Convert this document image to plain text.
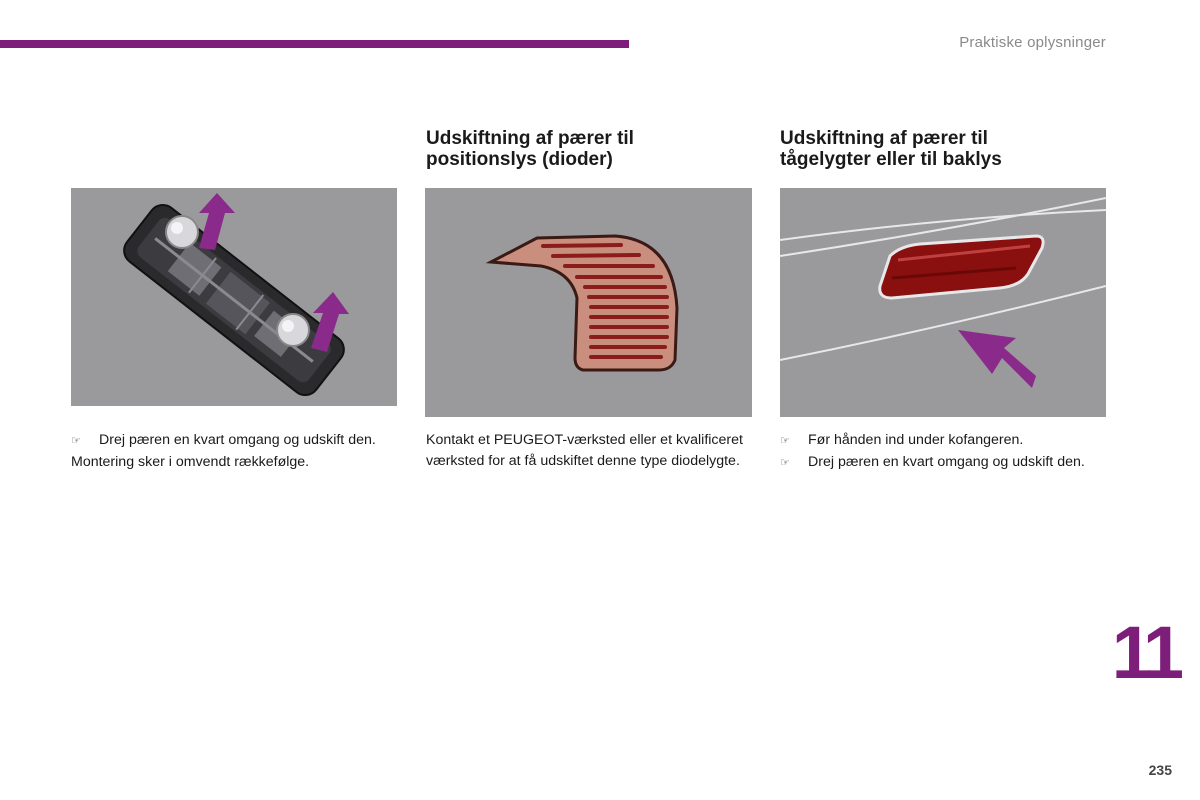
Praktiske oplysninger
Udskiftning af pærer til
positionslys (dioder)
Udskiftning af pærer til
tågelygter eller til baklys
☞	Drej pæren en kvart omgang og udskift den.

Montering sker i omvendt rækkefølge.

Kontakt et PEUGEOT-værksted eller et kvalificeret værksted for at få udskiftet denne type diodelygte.

☞	Før hånden ind under kofangeren.
☞	Drej pæren en kvart omgang og udskift den.
11
235
